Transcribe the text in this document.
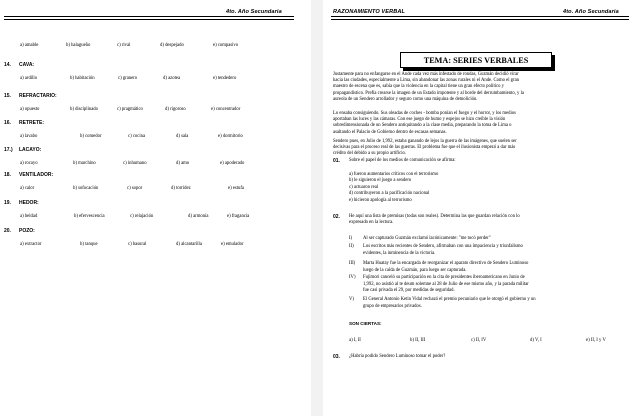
4to. Año Secundaria
a) amable	b) halagueño	c) rival	d) despejado	e) compasivo
14. CAVA:
a) ardillo	b) habitación	c) granero	d) azotea	e) tendedero
15. REFRACTARIO:
a) opuesto	b) disciplinado	c) pragmático	d) rigoroso	e) concentrador
16. RETRETE:
a) lavabo	b) comedor	c) cocina	d) sala	e) dormitorio
17.) LACAYO:
a) rocayo	b) marchino	c) inhumano	d) amo	e) apoderado
18. VENTILADOR:
a) calor	b) sofocación	c) sopor	d) torridez	e) estufa
19. HEDOR:
a) beldad	b) efervescencia	c) relajación	d) armonía	e) fragancia
20. POZO:
a) extractor	b) tanque	c) basural	d) alcantarilla	e) emulador
RAZONAMIENTO VERBAL	4to. Año Secundaria
TEMA: SERIES VERBALES
Justamente para no enfangarse en el Ande cada vez más infestado de rondas, Guzmán decidió virar
hacia las ciudades, especialmente a Lima, sin abandonar las zonas rurales ni el Ande. Como el gran
maestro de escena que es, sabía que la violencia en la capital tiene un gran efecto político y
propagandístico. Prefía crearse la imagen de un Estado impotente y al borde del derrumbamiento, y la
aureola de un Sendero arrollador y seguro como una máquina de demolición.
Lo ensaba consiguiendo. Sus oleadas de coches - bomba ponían el fuego y el horror, y los medios
aportaban las luces y las cámaras. Con ese juego de humo y espejos se hizo creíble la visión
sobredimensionada de un Sendero antiquitando a la clase media, preparando la toma de Lima o
asaltando el Palacio de Gobierno dentro de escasas semanas.
Sendero pues, en Julio de 1,992, estaba ganando de lejos la guerra de las imágenes, que suelen ser
decisivas para el proceso real de las guerras. El problema fue que el ilusionista empezó a dar más
crédito del debido a su propio artificio.
01. Sobre el papel de los medios de comunicación se afirma:
a) fueron aumentarios críticos con el terrorismo
b) le siguieron el juego a sendero
c) actuaron real
d) contribuyeron a la pacificación nacional
e) hicieron apología al terrorismo
02. He aquí una lista de premisas (todas son reales). Determina las que guardan relación con lo
expresado en la lectura.
I) Al ser capturado Guzmán exclamó lacónicamente: "me tocó perder"
II) Los escritos más recientes de Sendero, afirmaban con una impaciencia y triunfalismo
evidentes, la inminencia de la victoria.
III) Marta Huatay fue la encargada de reorganizar el aparato directivo de Sendero Luminoso
luego de la caída de Guzmán, para luego ser capturada.
IV) Fujimori canceló su participación en la cita de presidentes iberoamericano en Junio de
1,992, no asistió al te deum solemne al 28 de Julio de ese mismo año, y la parada militar
fue casi privada el 29, por medidas de seguridad.
V) El General Antonio Ketin Vidal rechazó el premio pecuniario que le otorgó el gobierno y un
grupo de empresarios privados.
SON CIERTAS:
a) I, II	b) II, III	c) II, IV	d) V, I	e) II, I y V
03. ¿Habría podido Sendero Luminoso tomar el poder?
